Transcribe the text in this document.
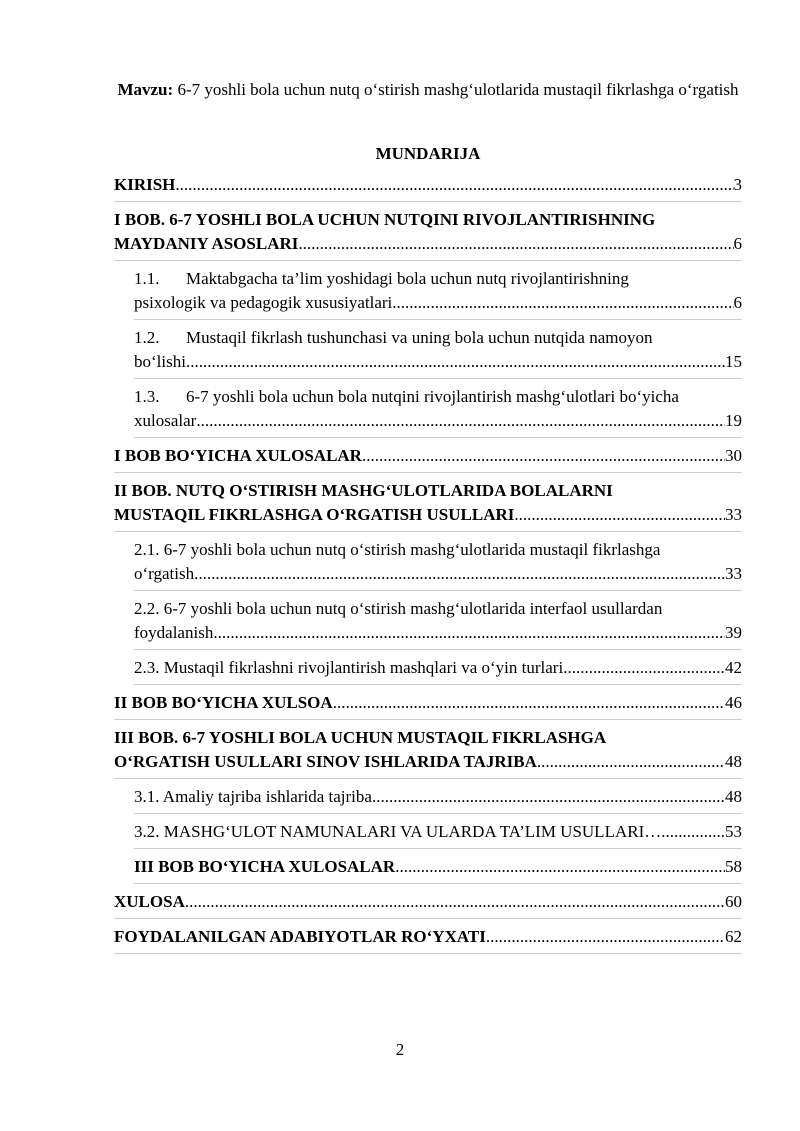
Mavzu: 6-7 yoshli bola uchun nutq o‘stirish mashg‘ulotlarida mustaqil fikrlashga o‘rgatish
MUNDARIJA
KIRISH .....	3
I BOB. 6-7 YOSHLI BOLA UCHUN NUTQINI RIVOJLANTIRISHNING
MAYDANIY ASOSLARI .....	6
1.1. Maktabgacha ta’lim yoshidagi bola uchun nutq rivojlantirishning
psixologik va pedagogik xususiyatlari .....	6
1.2. Mustaqil fikrlash tushunchasi va uning bola uchun nutqida namoyon
bo‘lishi .....	15
1.3. 6-7 yoshli bola uchun bola nutqini rivojlantirish mashg‘ulotlari bo‘yicha
xulosalar .....	19
I BOB BO‘YICHA XULOSALAR .....	30
II BOB. NUTQ O‘STIRISH MASHG‘ULOTLARIDA BOLALARNI
MUSTAQIL FIKRLASHGA O‘RGATISH USULLARI .....	33
2.1. 6-7 yoshli bola uchun nutq o‘stirish mashg‘ulotlarida mustaqil fikrlashga
o‘rgatish .....	33
2.2. 6-7 yoshli bola uchun nutq o‘stirish mashg‘ulotlarida interfaol usullardan
foydalanish .....	39
2.3. Mustaqil fikrlashni rivojlantirish mashqlari va o‘yin turlari .....	42
II BOB BO‘YICHA XULSOA .....	46
III BOB. 6-7 YOSHLI BOLA UCHUN MUSTAQIL FIKRLASHGA
O‘RGATISH USULLARI SINOV ISHLARIDA TAJRIBA .....	48
3.1. Amaliy tajriba ishlarida tajriba .....	48
3.2. MASHG‘ULOT NAMUNALARI VA ULARDA TA’LIM USULLARI… .....	53
III BOB BO‘YICHA XULOSALAR .....	58
XULOSA .....	60
FOYDALANILGAN ADABIYOTLAR RO‘YXATI .....	62
2
